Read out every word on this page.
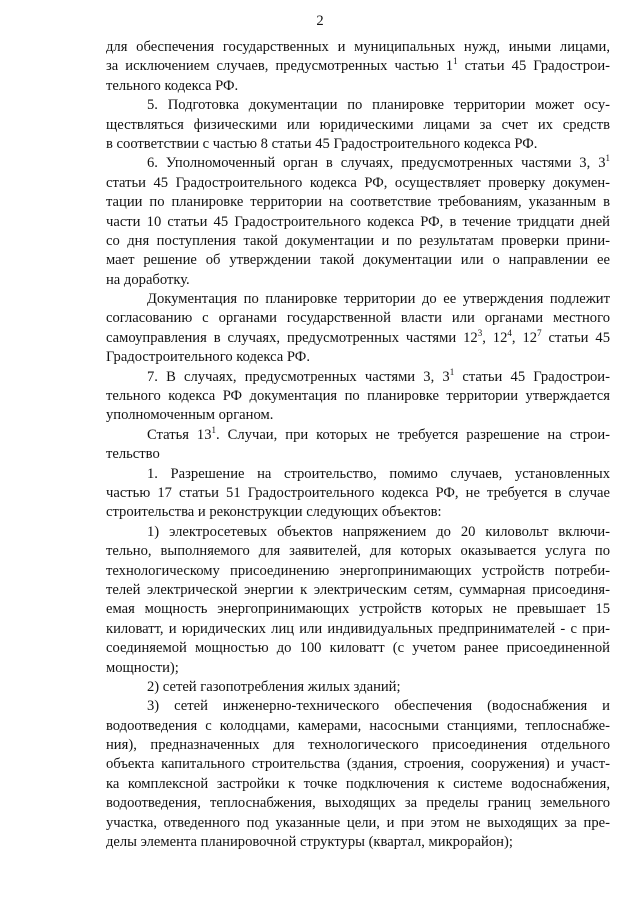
2
для обеспечения государственных и муниципальных нужд, иными лицами,
за исключением случаев, предусмотренных частью $1^1$ статьи 45 Градострои-
тельного кодекса РФ.
5. Подготовка документации по планировке территории может осу-
ществляться физическими или юридическими лицами за счет их средств
в соответствии с частью 8 статьи 45 Градостроительного кодекса РФ.
6. Уполномоченный орган в случаях, предусмотренных частями 3, $3^1$
статьи 45 Градостроительного кодекса РФ, осуществляет проверку докумен-
тации по планировке территории на соответствие требованиям, указанным в
части 10 статьи 45 Градостроительного кодекса РФ, в течение тридцати дней
со дня поступления такой документации и по результатам проверки прини-
мает решение об утверждении такой документации или о направлении ее
на доработку.
Документация по планировке территории до ее утверждения подлежит
согласованию с органами государственной власти или органами местного
самоуправления в случаях, предусмотренных частями $12^3$, $12^4$, $12^7$ статьи 45
Градостроительного кодекса РФ.
7. В случаях, предусмотренных частями 3, $3^1$ статьи 45 Градострои-
тельного кодекса РФ документация по планировке территории утверждается
уполномоченным органом.
Статья $13^1$. Случаи, при которых не требуется разрешение на строи-
тельство
1. Разрешение на строительство, помимо случаев, установленных
частью 17 статьи 51 Градостроительного кодекса РФ, не требуется в случае
строительства и реконструкции следующих объектов:
1) электросетевых объектов напряжением до 20 киловольт включи-
тельно, выполняемого для заявителей, для которых оказывается услуга по
технологическому присоединению энергопринимающих устройств потреби-
телей электрической энергии к электрическим сетям, суммарная присоединя-
емая мощность энергопринимающих устройств которых не превышает 15
киловатт, и юридических лиц или индивидуальных предпринимателей - с при-
соединяемой мощностью до 100 киловатт (с учетом ранее присоединенной
мощности);
2) сетей газопотребления жилых зданий;
3) сетей инженерно-технического обеспечения (водоснабжения и
водоотведения с колодцами, камерами, насосными станциями, теплоснабже-
ния), предназначенных для технологического присоединения отдельного
объекта капитального строительства (здания, строения, сооружения) и участ-
ка комплексной застройки к точке подключения к системе водоснабжения,
водоотведения, теплоснабжения, выходящих за пределы границ земельного
участка, отведенного под указанные цели, и при этом не выходящих за пре-
делы элемента планировочной структуры (квартал, микрорайон);
